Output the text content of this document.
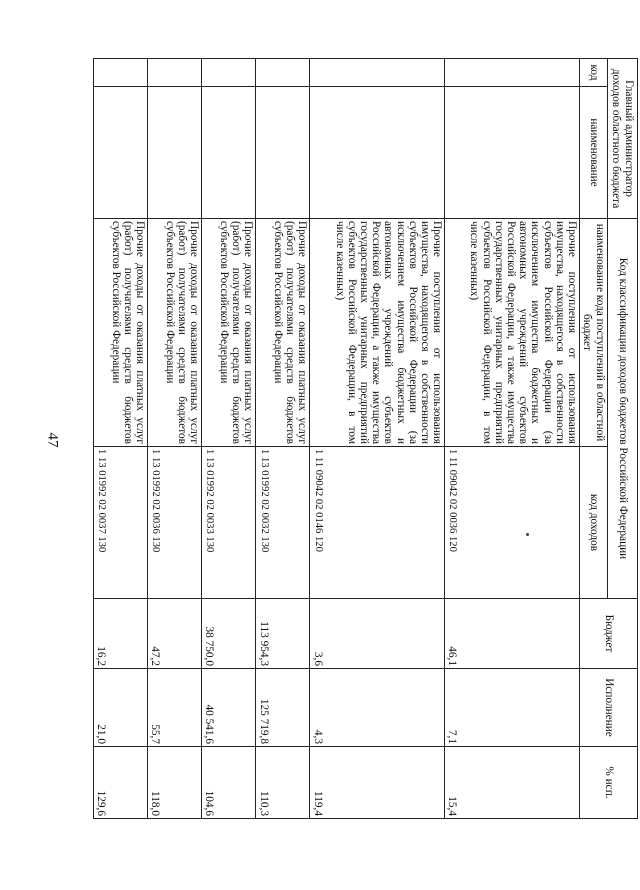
47
Главный администратор доходов областного бюджета		Код классификации доходов бюджетов Российской Федерации		Бюджет	Исполнение	% исп.
код	наименование	наименование кода поступлений в областной бюджет	код доходов			
		Прочие поступления от использования имущества, находящегося в собственности субъектов Российской Федерации (за исключением имущества бюджетных и автономных учреждений субъектов Российской Федерации, а также имущества государственных унитарных предприятий субъектов Российской Федерации, в том числе казенных)	1 11 09042 02 0036 120	46,1	7,1	15,4
		Прочие поступления от использования имущества, находящегося в собственности субъектов Российской Федерации (за исключением имущества бюджетных и автономных учреждений субъектов Российской Федерации, а также имущества государственных унитарных предприятий субъектов Российской Федерации, в том числе казенных)	1 11 09042 02 0146 120	3,6	4,3	119,4
		Прочие доходы от оказания платных услуг (работ) получателями средств бюджетов субъектов Российской Федерации	1 13 01992 02 0032 130	113 954,3	125 719,8	110,3
		Прочие доходы от оказания платных услуг (работ) получателями средств бюджетов субъектов Российской Федерации	1 13 01992 02 0033 130	38 750,0	40 541,6	104,6
		Прочие доходы от оказания платных услуг (работ) получателями средств бюджетов субъектов Российской Федерации	1 13 01992 02 0036 130	47,2	55,7	118,0
		Прочие доходы от оказания платных услуг (работ) получателями средств бюджетов субъектов Российской Федерации	1 13 01992 02 0037 130	16,2	21,0	129,6
